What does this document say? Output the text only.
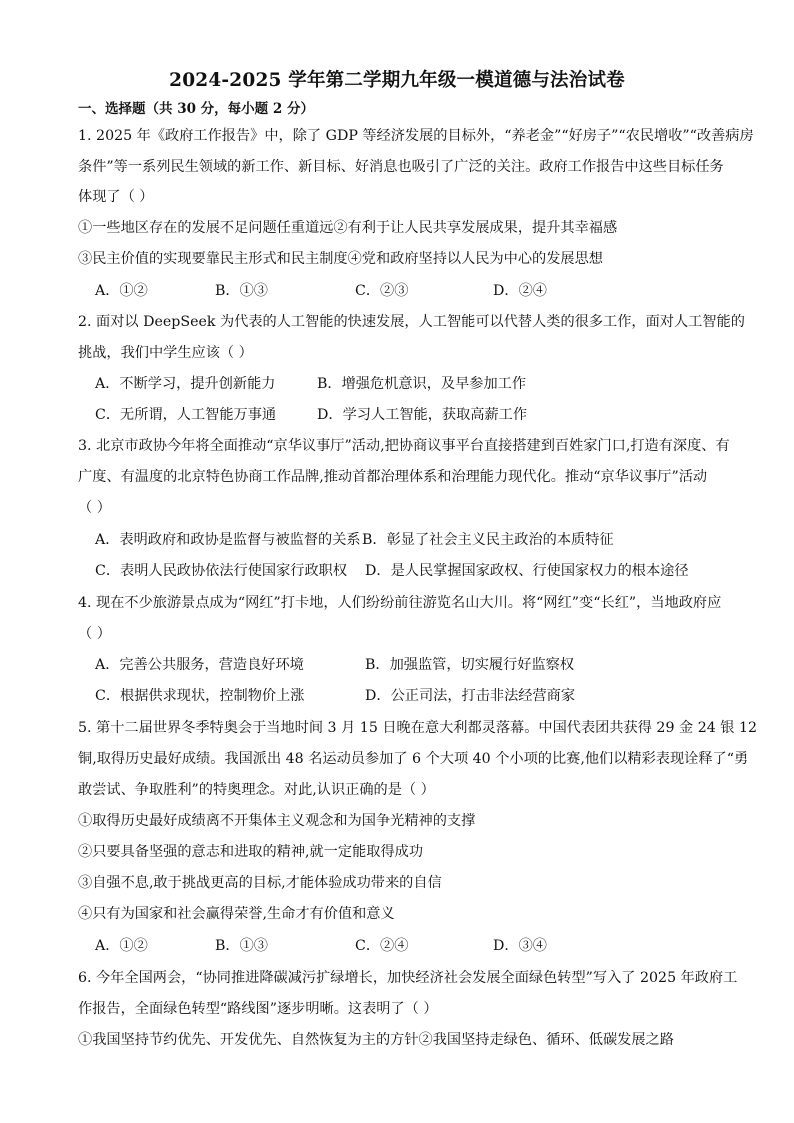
2024-2025 学年第二学期九年级一模道德与法治试卷
一、选择题（共 30 分，每小题 2 分）
1. 2025 年《政府工作报告》中，除了 GDP 等经济发展的目标外，“养老金”“好房子”“农民增收”“改善病房
条件”等一系列民生领域的新工作、新目标、好消息也吸引了广泛的关注。政府工作报告中这些目标任务
体现了（ ）
①一些地区存在的发展不足问题任重道远②有利于让人民共享发展成果，提升其幸福感
③民主价值的实现要靠民主形式和民主制度④党和政府坚持以人民为中心的发展思想
A．①②	B．①③	C．②③	D．②④
2. 面对以 DeepSeek 为代表的人工智能的快速发展，人工智能可以代替人类的很多工作，面对人工智能的
挑战，我们中学生应该（ ）
A．不断学习，提升创新能力	B．增强危机意识，及早参加工作
C．无所谓，人工智能万事通	D．学习人工智能，获取高薪工作
3. 北京市政协今年将全面推动“京华议事厅”活动,把协商议事平台直接搭建到百姓家门口,打造有深度、有
广度、有温度的北京特色协商工作品牌,推动首都治理体系和治理能力现代化。推动“京华议事厅”活动
（ ）
A．表明政府和政协是监督与被监督的关系 B．彰显了社会主义民主政治的本质特征
C．表明人民政协依法行使国家行政职权 D．是人民掌握国家政权、行使国家权力的根本途径
4. 现在不少旅游景点成为“网红”打卡地，人们纷纷前往游览名山大川。将“网红”变“长红”，当地政府应
（ ）
A．完善公共服务，营造良好环境	B．加强监管，切实履行好监察权
C．根据供求现状，控制物价上涨	D．公正司法，打击非法经营商家
5. 第十二届世界冬季特奥会于当地时间 3 月 15 日晚在意大利都灵落幕。中国代表团共获得 29 金 24 银 12
铜,取得历史最好成绩。我国派出 48 名运动员参加了 6 个大项 40 个小项的比赛,他们以精彩表现诠释了“勇
敢尝试、争取胜利”的特奥理念。对此,认识正确的是（ ）
①取得历史最好成绩离不开集体主义观念和为国争光精神的支撑
②只要具备坚强的意志和进取的精神,就一定能取得成功
③自强不息,敢于挑战更高的目标,才能体验成功带来的自信
④只有为国家和社会赢得荣誉,生命才有价值和意义
A．①②	B．①③	C．②④	D．③④
6. 今年全国两会，“协同推进降碳减污扩绿增长，加快经济社会发展全面绿色转型”写入了 2025 年政府工
作报告，全面绿色转型“路线图”逐步明晰。这表明了（ ）
①我国坚持节约优先、开发优先、自然恢复为主的方针②我国坚持走绿色、循环、低碳发展之路
